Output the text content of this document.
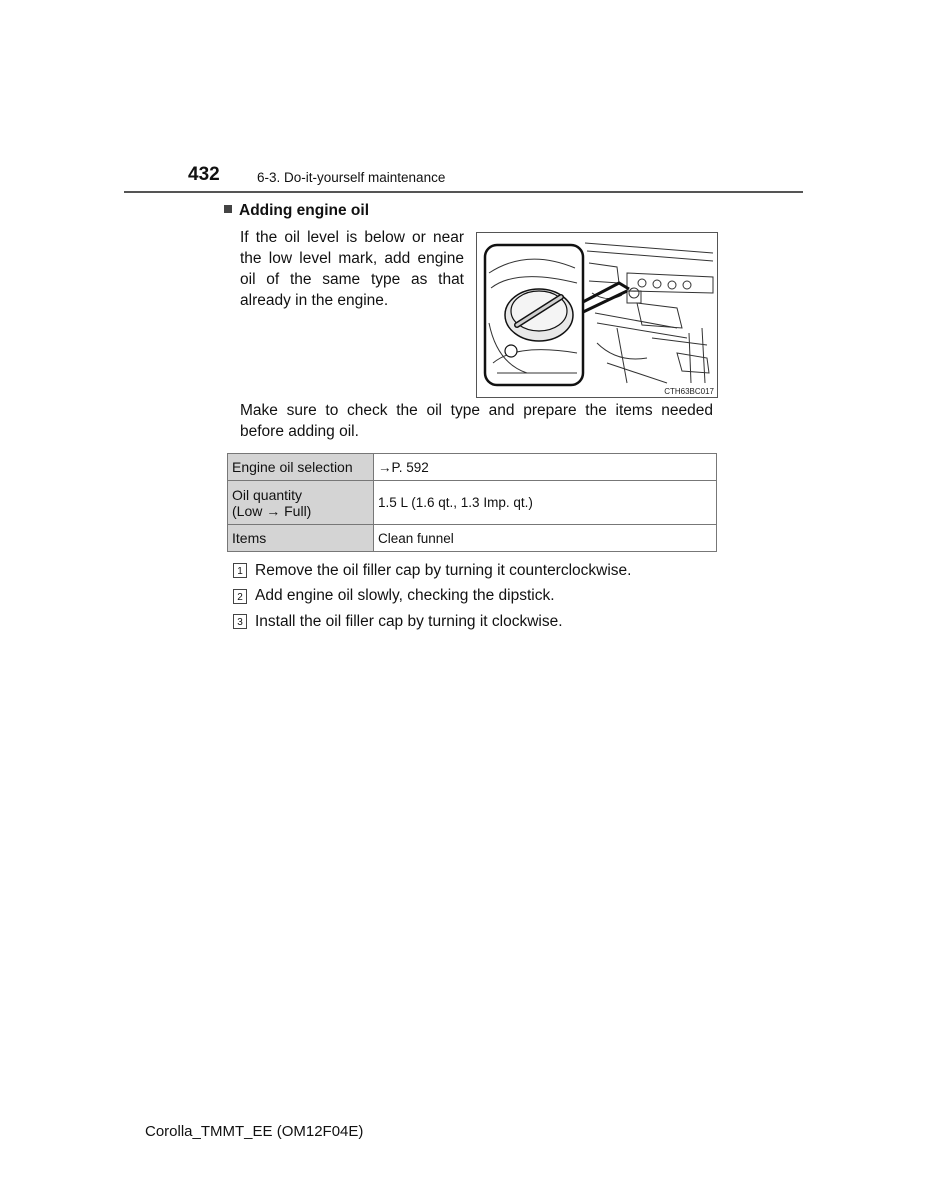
432	6-3. Do-it-yourself maintenance
Adding engine oil
If the oil level is below or near the low level mark, add engine oil of the same type as that already in the engine.
CTH63BC017
Make sure to check the oil type and prepare the items needed before adding oil.
Engine oil selection	→P. 592

Oil quantity
(Low → Full)	1.5 L (1.6 qt., 1.3 Imp. qt.)
Items	Clean funnel
1 Remove the oil filler cap by turning it counterclockwise.
2 Add engine oil slowly, checking the dipstick.
3 Install the oil filler cap by turning it clockwise.
Corolla_TMMT_EE (OM12F04E)
